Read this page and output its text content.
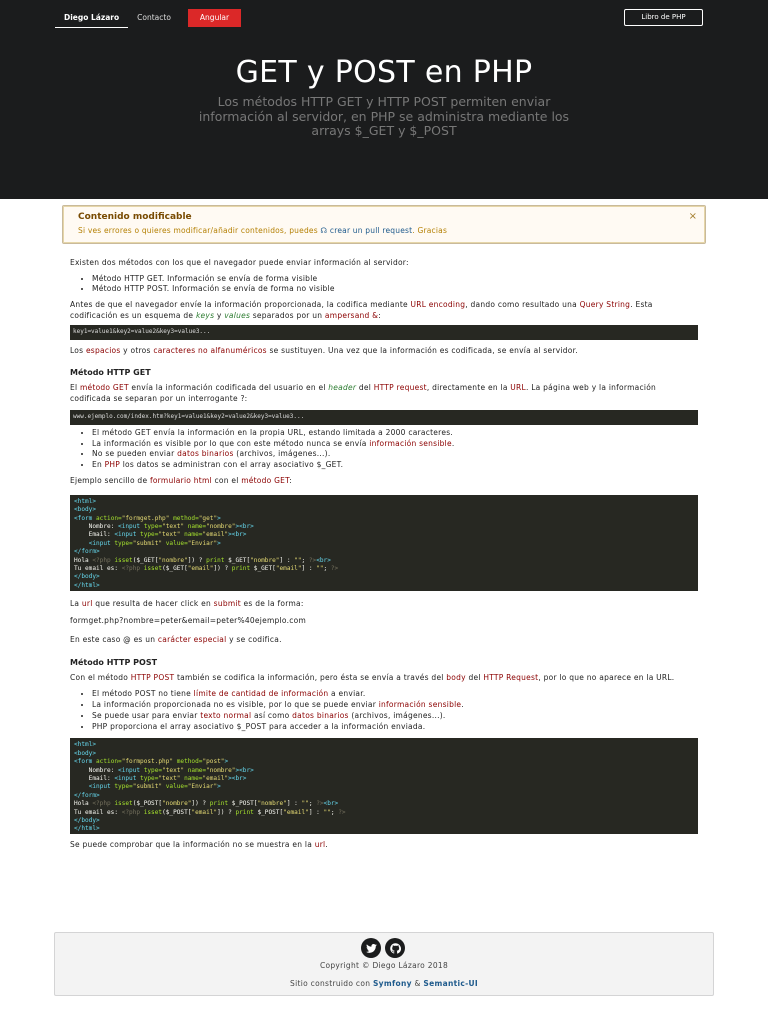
Diego Lázaro	Contacto	Angular	Libro de PHP
GET y POST en PHP
Los métodos HTTP GET y HTTP POST permiten enviar información al servidor, en PHP se administra mediante los arrays $_GET y $_POST
Contenido modificable
Si ves errores o quieres modificar/añadir contenidos, puedes ☊ crear un pull request. Gracias
×

Existen dos métodos con los que el navegador puede enviar información al servidor:

• Método HTTP GET. Información se envía de forma visible
• Método HTTP POST. Información se envía de forma no visible

Antes de que el navegador envíe la información proporcionada, la codifica mediante URL encoding, dando como resultado una Query String. Esta codificación es un esquema de keys y values separados por un ampersand &:

key1=value1&key2=value2&key3=value3...

Los espacios y otros caracteres no alfanuméricos se sustituyen. Una vez que la información es codificada, se envía al servidor.

Método HTTP GET

El método GET envía la información codificada del usuario en el header del HTTP request, directamente en la URL. La página web y la información codificada se separan por un interrogante ?:

www.ejemplo.com/index.htm?key1=value1&key2=value2&key3=value3...
• El método GET envía la información en la propia URL, estando limitada a 2000 caracteres.
• La información es visible por lo que con este método nunca se envía información sensible.
• No se pueden enviar datos binarios (archivos, imágenes...).
• En PHP los datos se administran con el array asociativo $_GET.

Ejemplo sencillo de formulario html con el método GET:

<html>
<body>
<form action="formget.php" method="get">
Nombre: <input type="text" name="nombre"><br>
Email: <input type="text" name="email"><br>
<input type="submit" value="Enviar">
</form>
Hola <?php isset($_GET["nombre"]) ? print $_GET["nombre"] : ""; ?><br>
Tu email es: <?php isset($_GET["email"]) ? print $_GET["email"] : ""; ?>
</body>
</html>

La url que resulta de hacer click en submit es de la forma:

formget.php?nombre=peter&email=peter%40ejemplo.com

En este caso @ es un carácter especial y se codifica.

Método HTTP POST

Con el método HTTP POST también se codifica la información, pero ésta se envía a través del body del HTTP Request, por lo que no aparece en la URL.

• El método POST no tiene límite de cantidad de información a enviar.
• La información proporcionada no es visible, por lo que se puede enviar información sensible.
• Se puede usar para enviar texto normal así como datos binarios (archivos, imágenes...).
• PHP proporciona el array asociativo $_POST para acceder a la información enviada.
<html>
<body>
<form action="formpost.php" method="post">
Nombre: <input type="text" name="nombre"><br>
Email: <input type="text" name="email"><br>
<input type="submit" value="Enviar">
</form>
Hola <?php isset($_POST["nombre"]) ? print $_POST["nombre"] : ""; ?><br>
Tu email es: <?php isset($_POST["email"]) ? print $_POST["email"] : ""; ?>
</body>
</html>

Se puede comprobar que la información no se muestra en la url.

Copyright © Diego Lázaro 2018
Sitio construido con Symfony & Semantic-UI
